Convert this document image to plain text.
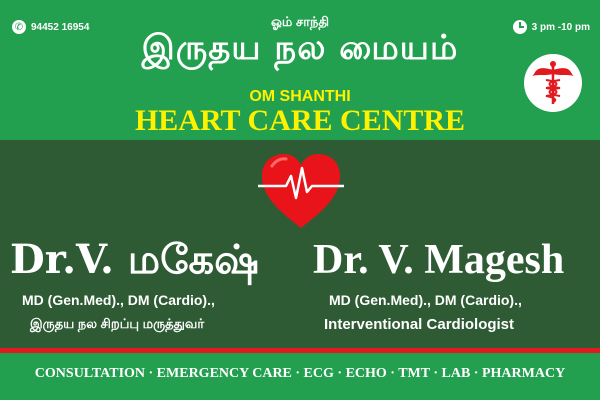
✆ 94452 16954	3 pm -10 pm
ஓம் சாந்தி
இருதய நல மையம்
OM SHANTHI
HEART CARE CENTRE
Dr.V. மகேஷ் Dr. V. Magesh
MD (Gen.Med)., DM (Cardio).,
இருதய நல சிறப்பு மருத்துவர்
MD (Gen.Med)., DM (Cardio).,
Interventional Cardiologist
CONSULTATION · EMERGENCY CARE · ECG · ECHO · TMT · LAB · PHARMACY
